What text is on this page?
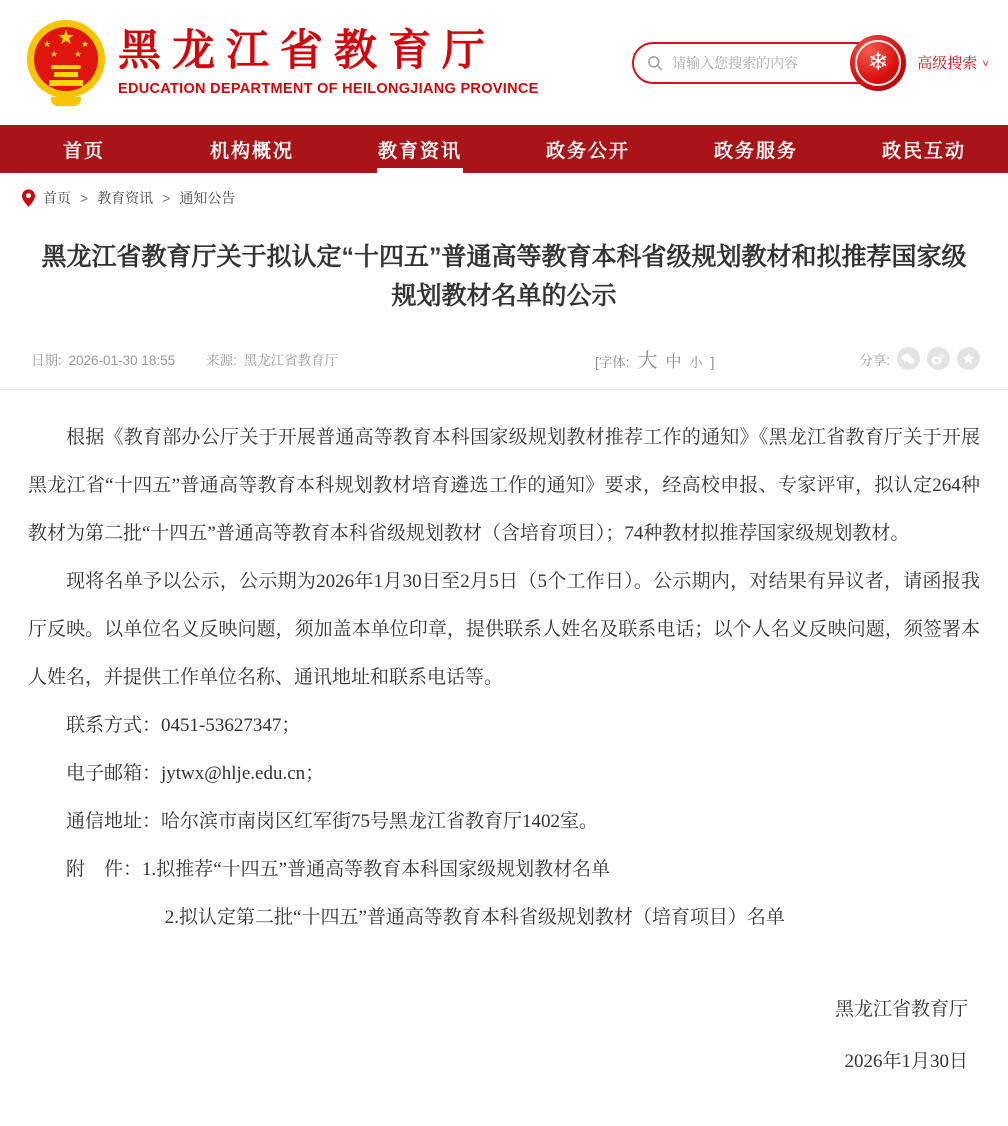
★
★	★
★ ★ 黑龙江省教育厅
EDUCATION DEPARTMENT OF HEILONGJIANG PROVINCE
请输入您搜索的内容
❄ 高级搜索 ∨
首页	机构概况	教育资讯	政务公开	政务服务	政民互动
首页 > 教育资讯 > 通知公告
黑龙江省教育厅关于拟认定“十四五”普通高等教育本科省级规划教材和拟推荐国家级规划教材名单的公示
日期: 2026-01-30 18:55 来源: 黑龙江省教育厅	[字体: 大 中 小 ]	分享:

根据《教育部办公厅关于开展普通高等教育本科国家级规划教材推荐工作的通知》《黑龙江省教育厅关于开展黑龙江省“十四五”普通高等教育本科规划教材培育遴选工作的通知》要求，经高校申报、专家评审，拟认定264种教材为第二批“十四五”普通高等教育本科省级规划教材（含培育项目）；74种教材拟推荐国家级规划教材。

现将名单予以公示，公示期为2026年1月30日至2月5日（5个工作日）。公示期内，对结果有异议者，请函报我厅反映。以单位名义反映问题，须加盖本单位印章，提供联系人姓名及联系电话；以个人名义反映问题，须签署本人姓名，并提供工作单位名称、通讯地址和联系电话等。

联系方式：0451-53627347；

电子邮箱：jytwx@hlje.edu.cn；

通信地址：哈尔滨市南岗区红军街75号黑龙江省教育厅1402室。

附　件：1.拟推荐“十四五”普通高等教育本科国家级规划教材名单

2.拟认定第二批“十四五”普通高等教育本科省级规划教材（培育项目）名单

黑龙江省教育厅

2026年1月30日
